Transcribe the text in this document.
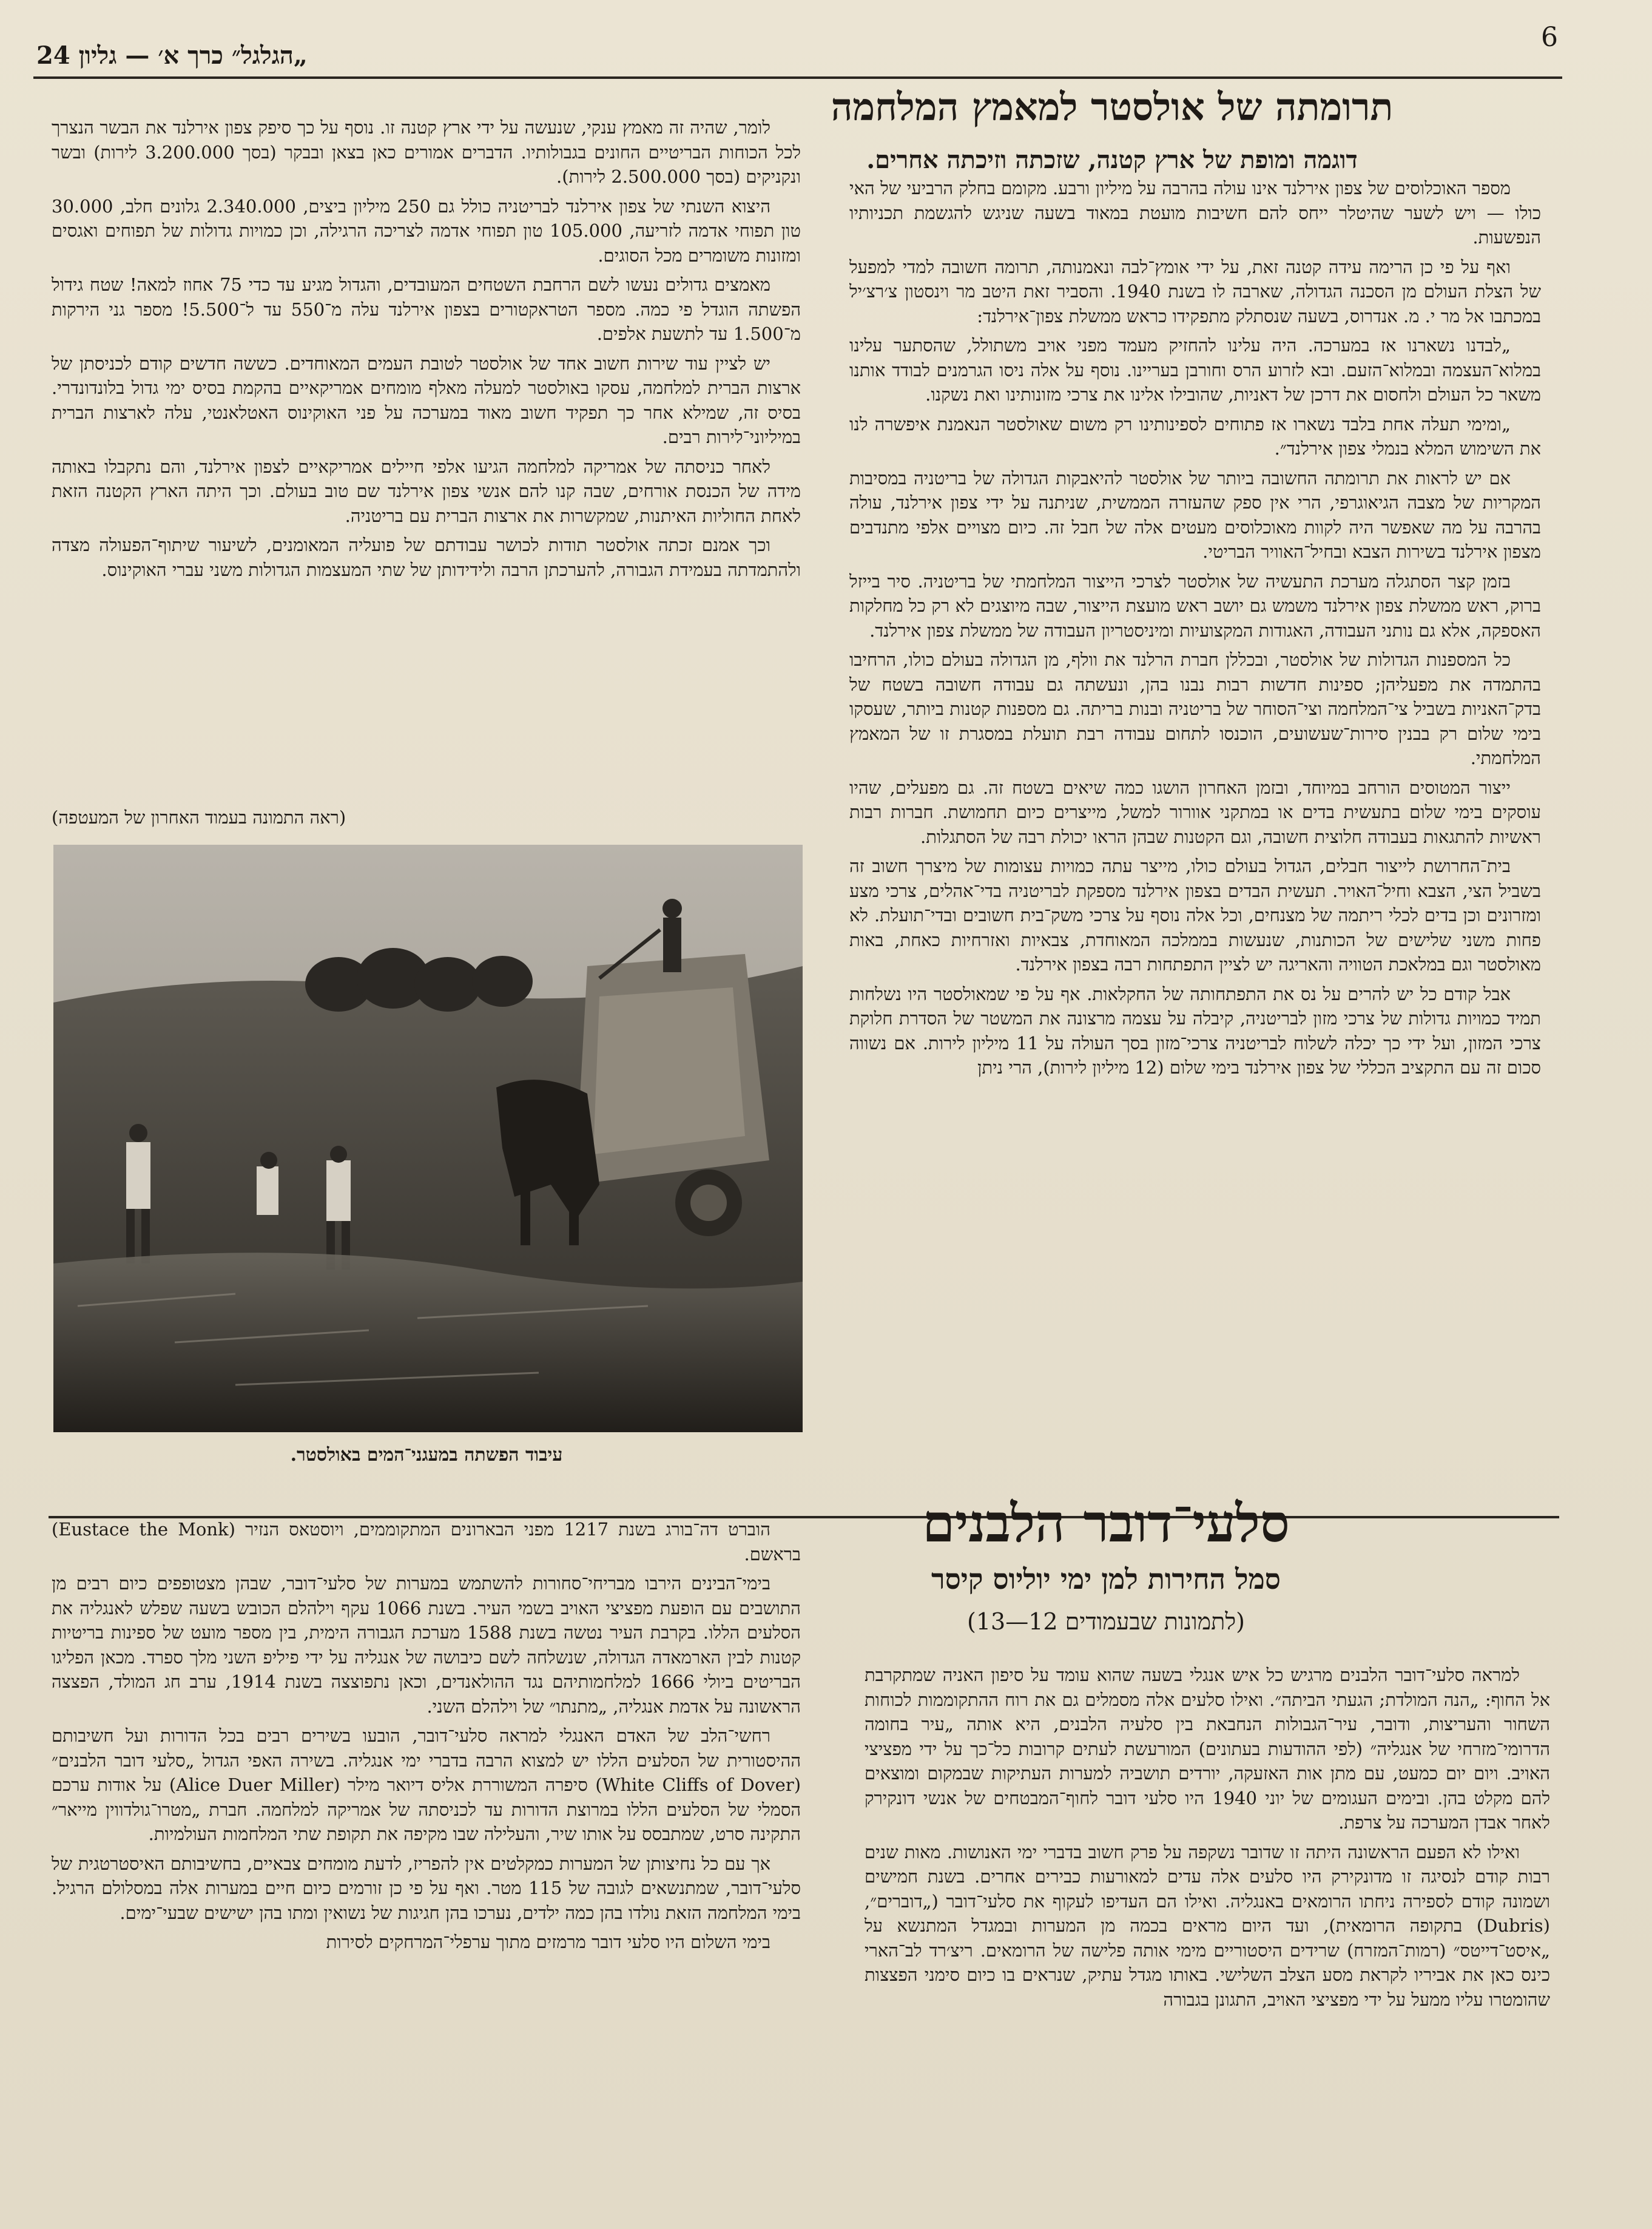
„הגלגל״ כרך א׳ — גליון 24
6
תרומתה של אולסטר למאמץ המלחמה
דוגמה ומופת של ארץ קטנה, שזכתה וזיכתה אחרים.

מספר האוכלוסים של צפון אירלנד אינו עולה בהרבה על מיליון ורבע. מקומם בחלק הרביעי של האי כולו — ויש לשער שהיטלר ייחס להם חשיבות מועטת במאוד בשעה שניגש להגשמת תכניותיו הנפשעות.

ואף על פי כן הרימה עידה קטנה זאת, על ידי אומץ־לבה ונאמנותה, תרומה חשובה למדי למפעל של הצלת העולם מן הסכנה הגדולה, שארבה לו בשנת 1940. והסביר זאת היטב מר וינסטון צ׳רצ׳יל במכתבו אל מר י. מ. אנדרוס, בשעה שנסתלק מתפקידו כראש ממשלת צפון־אירלנד:

„לבדנו נשארנו אז במערכה. היה עלינו להחזיק מעמד מפני אויב משתולל, שהסתער עלינו במלוא־העצמה ובמלוא־הזעם. ובא לזרוע הרס וחורבן בעריינו. נוסף על אלה ניסו הגרמנים לבודד אותנו משאר כל העולם ולחסום את דרכן של דאניות, שהובילו אלינו את צרכי מזונותינו ואת נשקנו.

„ומימי תעלה אחת בלבד נשארו אז פתוחים לספינותינו רק משום שאולסטר הנאמנת איפשרה לנו את השימוש המלא בנמלי צפון אירלנד״.

אם יש לראות את תרומתה החשובה ביותר של אולסטר להיאבקות הגדולה של בריטניה במסיבות המקריות של מצבה הגיאוגרפי, הרי אין ספק שהעזרה הממשית, שניתנה על ידי צפון אירלנד, עולה בהרבה על מה שאפשר היה לקוות מאוכלוסים מעטים אלה של חבל זה. כיום מצויים אלפי מתנדבים מצפון אירלנד בשירות הצבא ובחיל־האוויר הבריטי.

בזמן קצר הסתגלה מערכת התעשיה של אולסטר לצרכי הייצור המלחמתי של בריטניה. סיר בייזל ברוק, ראש ממשלת צפון אירלנד משמש גם יושב ראש מועצת הייצור, שבה מיוצגים לא רק כל מחלקות האספקה, אלא גם נותני העבודה, האגודות המקצועיות ומיניסטריון העבודה של ממשלת צפון אירלנד.

כל המספנות הגדולות של אולסטר, ובכללן חברת הרלנד את וולף, מן הגדולה בעולם כולו, הרחיבו בהתמדה את מפעליהן; ספינות חדשות רבות נבנו בהן, ונעשתה גם עבודה חשובה בשטח של בדק־האניות בשביל צי־המלחמה וצי־הסוחר של בריטניה ובנות בריתה. גם מספנות קטנות ביותר, שעסקו בימי שלום רק בבנין סירות־שעשועים, הוכנסו לתחום עבודה רבת תועלת במסגרת זו של המאמץ המלחמתי.

ייצור המטוסים הורחב במיוחד, ובזמן האחרון הושגו כמה שיאים בשטח זה. גם מפעלים, שהיו עוסקים בימי שלום בתעשית בדים או במתקני אוורור למשל, מייצרים כיום תחמושת. חברות רבות ראשיות להתגאות בעבודה חלוצית חשובה, וגם הקטנות שבהן הראו יכולת רבה של הסתגלות.

בית־החרושת לייצור חבלים, הגדול בעולם כולו, מייצר עתה כמויות עצומות של מיצרך חשוב זה בשביל הצי, הצבא וחיל־האויר. תעשית הבדים בצפון אירלנד מספקת לבריטניה בדי־אהלים, צרכי מצע ומזרונים וכן בדים לכלי ריתמה של מצנחים, וכל אלה נוסף על צרכי משק־בית חשובים ובדי־תועלת. לא פחות משני שלישים של הכותנות, שנעשות בממלכה המאוחדת, צבאיות ואזרחיות כאחת, באות מאולסטר וגם במלאכת הטוויה והאריגה יש לציין התפתחות רבה בצפון אירלנד.

אבל קודם כל יש להרים על נס את התפתחותה של החקלאות. אף על פי שמאולסטר היו נשלחות תמיד כמויות גדולות של צרכי מזון לבריטניה, קיבלה על עצמה מרצונה את המשטר של הסדרת חלוקת צרכי המזון, ועל ידי כך יכלה לשלוח לבריטניה צרכי־מזון בסך העולה על 11 מיליון לירות. אם נשווה סכום זה עם התקציב הכללי של צפון אירלנד בימי שלום (12 מיליון לירות), הרי ניתן

לומר, שהיה זה מאמץ ענקי, שנעשה על ידי ארץ קטנה זו. נוסף על כך סיפק צפון אירלנד את הבשר הנצרך לכל הכוחות הבריטיים החונים בגבולותיו. הדברים אמורים כאן בצאן ובבקר (בסך 3.200.000 לירות) ובשר ונקניקים (בסך 2.500.000 לירות).

היצוא השנתי של צפון אירלנד לבריטניה כולל גם 250 מיליון ביצים, 2.340.000 גלונים חלב, 30.000 טון תפוחי אדמה לזריעה, 105.000 טון תפוחי אדמה לצריכה הרגילה, וכן כמויות גדולות של תפוחים ואגסים ומזונות משומרים מכל הסוגים.

מאמצים גדולים נעשו לשם הרחבת השטחים המעובדים, והגדול מגיע עד כדי 75 אחוז למאה! שטח גידול הפשתה הוגדל פי כמה. מספר הטראקטורים בצפון אירלנד עלה מ־550 עד ל־5.500! מספר גני הירקות מ־1.500 עד לתשעת אלפים.

יש לציין עוד שירות חשוב אחד של אולסטר לטובת העמים המאוחדים. כששה חדשים קודם לכניסתן של ארצות הברית למלחמה, עסקו באולסטר למעלה מאלף מומחים אמריקאיים בהקמת בסיס ימי גדול בלונדונדרי. בסיס זה, שמילא אחר כך תפקיד חשוב מאוד במערכה על פני האוקינוס האטלאנטי, עלה לארצות הברית במיליוני־לירות רבים.

לאחר כניסתה של אמריקה למלחמה הגיעו אלפי חיילים אמריקאיים לצפון אירלנד, והם נתקבלו באותה מידה של הכנסת אורחים, שבה קנו להם אנשי צפון אירלנד שם טוב בעולם. וכך היתה הארץ הקטנה הזאת לאחת החוליות האיתנות, שמקשרות את ארצות הברית עם בריטניה.

וכך אמנם זכתה אולסטר תודות לכושר עבודתם של פועליה המאומנים, לשיעור שיתוף־הפעולה מצדה ולהתמדתה בעמידת הגבורה, להערכתן הרבה ולידידותן של שתי המעצמות הגדולות משני עברי האוקינוס.

(ראה התמונה בעמוד האחרון של המעטפה)
עיבוד הפשתה במעגני־המים באולסטר.
סלעי־דובר הלבנים
סמל החירות למן ימי יוליוס קיסר
(לתמונות שבעמודים 12—13)

למראה סלעי־דובר הלבנים מרגיש כל איש אנגלי בשעה שהוא עומד על סיפון האניה שמתקרבת אל החוף: „הנה המולדת; הגעתי הביתה״. ואילו סלעים אלה מסמלים גם את רוח ההתקוממות לכוחות השחור והעריצות, ודובר, עיר־הגבולות הנחבאת בין סלעיה הלבנים, היא אותה „עיר בחומה הדרומי־מזרחי של אנגליה״ (לפי ההודעות בעתונים) המורעשת לעתים קרובות כל־כך על ידי מפציצי האויב. ויום יום כמעט, עם מתן אות האזעקה, יורדים תושביה למערות העתיקות שבמקום ומוצאים להם מקלט בהן. ובימים העגומים של יוני 1940 היו סלעי דובר לחוף־המבטחים של אנשי דונקירק לאחר אבדן המערכה על צרפת.

ואילו לא הפעם הראשונה היתה זו שדובר נשקפה על פרק חשוב בדברי ימי האנושות. מאות שנים רבות קודם לנסיגה זו מדונקירק היו סלעים אלה עדים למאורעות כבירים אחרים. בשנת חמישים ושמונה קודם לספירה ניחתו הרומאים באנגליה. ואילו הם העדיפו לעקוף את סלעי־דובר („דוברים״, (Dubris) בתקופה הרומאית), ועד היום מראים בכמה מן המערות ובמגדל המתנשא על „איסט־דייטס״ (רמות־המזרח) שרידים היסטוריים מימי אותה פלישה של הרומאים. ריצ׳רד לב־הארי כינס כאן את אביריו לקראת מסע הצלב השלישי. באותו מגדל עתיק, שנראים בו כיום סימני הפצצות שהומטרו עליו ממעל על ידי מפציצי האויב, התגונן בגבורה

הוברט דה־בורג בשנת 1217 מפני הבארונים המתקוממים, ויוסטאס הנזיר (Eustace the Monk) בראשם.

בימי־הבינים הירבו מבריחי־סחורות להשתמש במערות של סלעי־דובר, שבהן מצטופפים כיום רבים מן התושבים עם הופעת מפציצי האויב בשמי העיר. בשנת 1066 עקף וילהלם הכובש בשעה שפלש לאנגליה את הסלעים הללו. בקרבת העיר נטשה בשנת 1588 מערכת הגבורה הימית, בין מספר מועט של ספינות בריטיות קטנות לבין הארמאדה הגדולה, שנשלחה לשם כיבושה של אנגליה על ידי פיליפ השני מלך ספרד. מכאן הפליגו הבריטים ביולי 1666 למלחמותיהם נגד ההולאנדים, וכאן נתפוצצה בשנת 1914, ערב חג המולד, הפצצה הראשונה על אדמת אנגליה, „מתנתו״ של וילהלם השני.

רחשי־הלב של האדם האנגלי למראה סלעי־דובר, הובעו בשירים רבים בכל הדורות ועל חשיבותם ההיסטורית של הסלעים הללו יש למצוא הרבה בדברי ימי אנגליה. בשירה האפי הגדול „סלעי דובר הלבנים״ (White Cliffs of Dover) סיפרה המשוררת אליס דיואר מילר (Alice Duer Miller) על אודות ערכם הסמלי של הסלעים הללו במרוצת הדורות עד לכניסתה של אמריקה למלחמה. חברת „מטרו־גולדווין מייאר״ התקינה סרט, שמתבסס על אותו שיר, והעלילה שבו מקיפה את תקופת שתי המלחמות העולמיות.

אך עם כל נחיצותן של המערות כמקלטים אין להפריז, לדעת מומחים צבאיים, בחשיבותם האיסטרטגית של סלעי־דובר, שמתנשאים לגובה של 115 מטר. ואף על פי כן זורמים כיום חיים במערות אלה במסלולם הרגיל. בימי המלחמה הזאת נולדו בהן כמה ילדים, נערכו בהן חגיגות של נשואין ומתו בהן ישישים שבעי־ימים.

בימי השלום היו סלעי דובר מרמזים מתוך ערפלי־המרחקים לסירות
